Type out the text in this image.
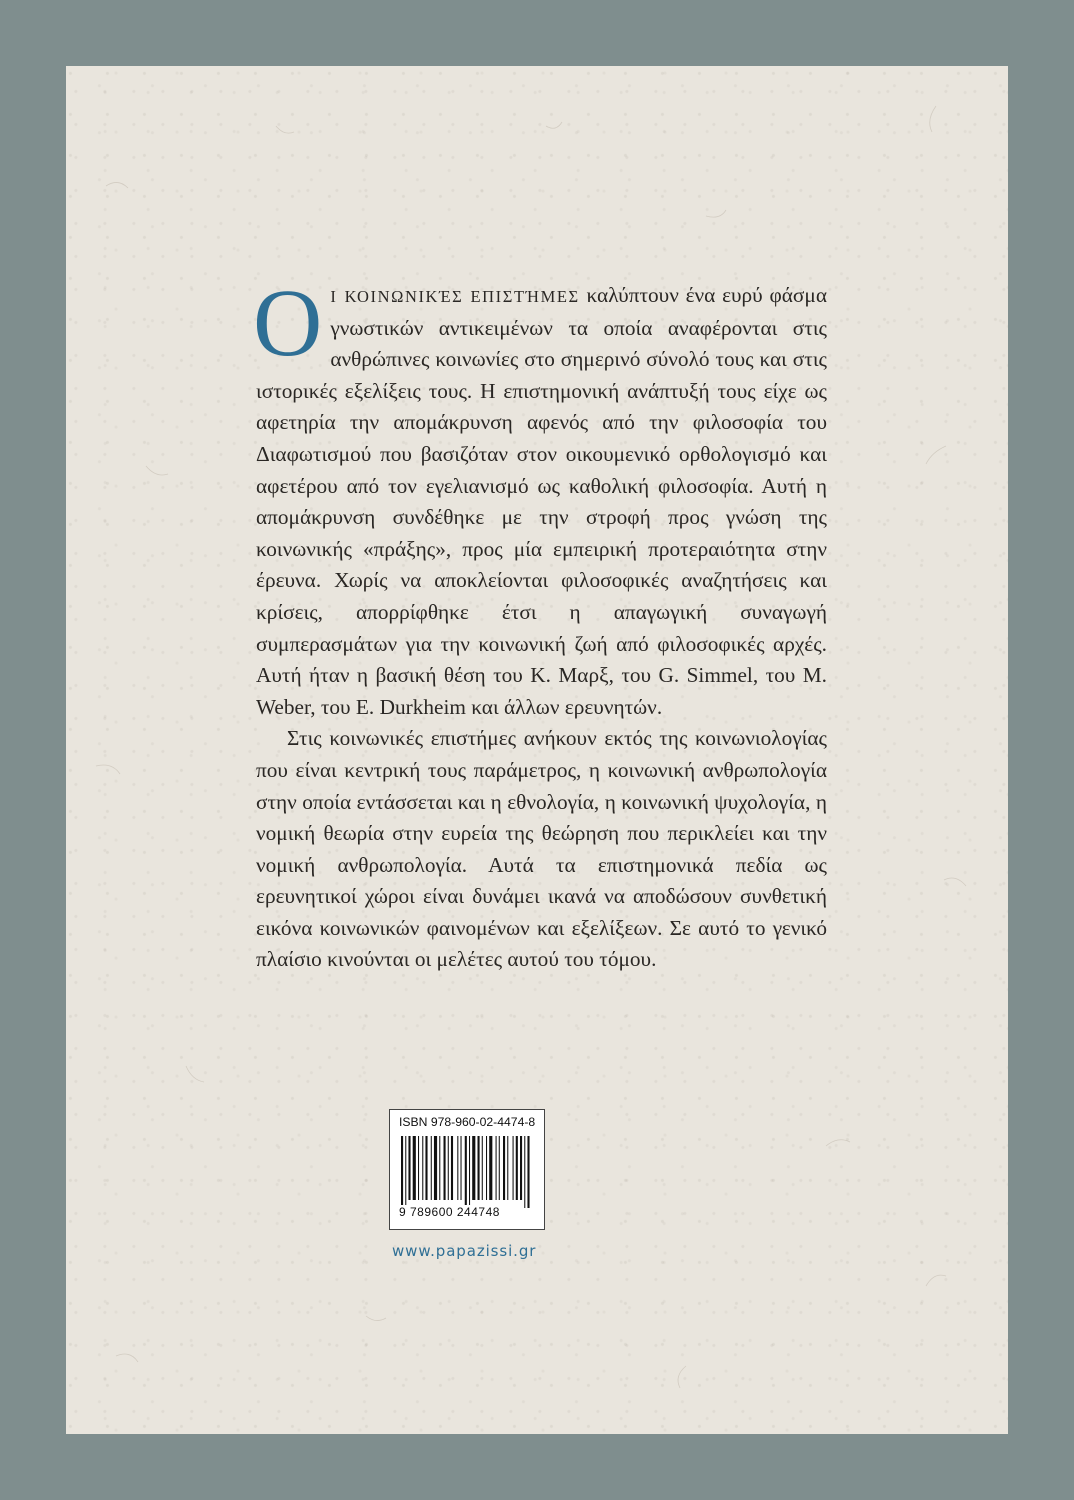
ΟΙ ΚΟΙΝΩΝΙΚΈΣ ΕΠΙΣΤΉΜΕΣ καλύπτουν ένα ευρύ φάσμα γνωστικών αντικειμένων τα οποία αναφέρονται στις ανθρώπινες κοινωνίες στο σημερινό σύνολό τους και στις ιστορικές εξελίξεις τους. Η επιστημονική ανάπτυξή τους είχε ως αφετηρία την απομάκρυνση αφενός από την φιλοσοφία του Διαφωτισμού που βασιζόταν στον οικουμενικό ορθολογισμό και αφετέρου από τον εγελιανισμό ως καθολική φιλοσοφία. Αυτή η απομάκρυνση συνδέθηκε με την στροφή προς γνώση της κοινωνικής «πράξης», προς μία εμπειρική προτεραιότητα στην έρευνα. Χωρίς να αποκλείονται φιλοσοφικές αναζητήσεις και κρίσεις, απορρίφθηκε έτσι η απαγωγική συναγωγή συμπερασμάτων για την κοινωνική ζωή από φιλοσοφικές αρχές. Αυτή ήταν η βασική θέση του K. Μαρξ, του G. Simmel, του M. Weber, του E. Durkheim και άλλων ερευνητών.

Στις κοινωνικές επιστήμες ανήκουν εκτός της κοινωνιολογίας που είναι κεντρική τους παράμετρος, η κοινωνική ανθρωπολογία στην οποία εντάσσεται και η εθνολογία, η κοινωνική ψυχολογία, η νομική θεωρία στην ευρεία της θεώρηση που περικλείει και την νομική ανθρωπολογία. Αυτά τα επιστημονικά πεδία ως ερευνητικοί χώροι είναι δυνάμει ικανά να αποδώσουν συνθετική εικόνα κοινωνικών φαινομένων και εξελίξεων. Σε αυτό το γενικό πλαίσιο κινούνται οι μελέτες αυτού του τόμου.

ISBN 978-960-02-4474-8
9 789600 244748
www.papazissi.gr
